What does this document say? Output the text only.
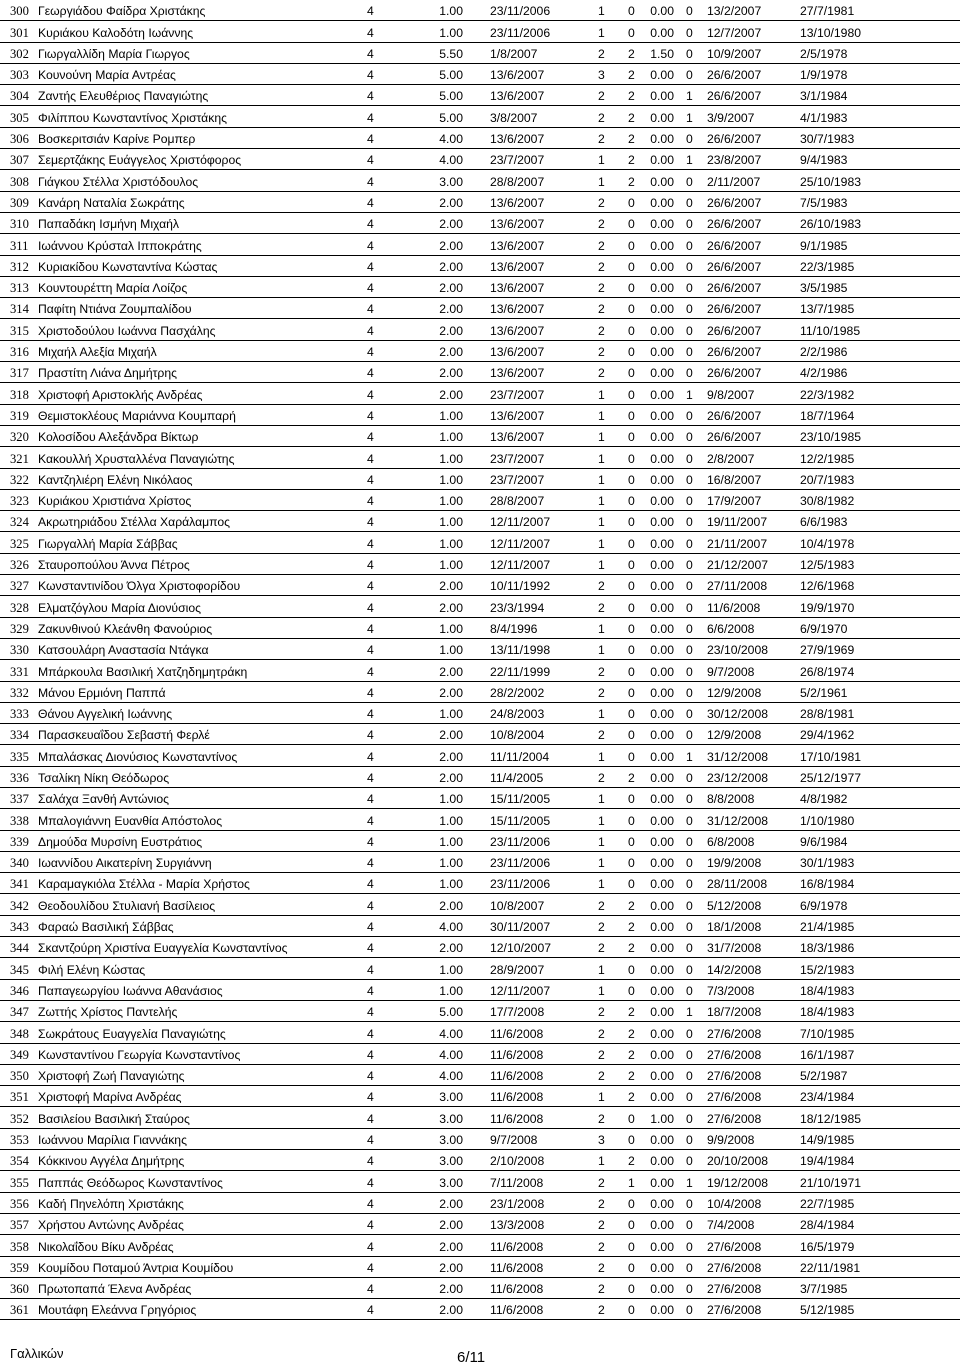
300 Γεωργιάδου Φαίδρα Χριστάκης	4	1.00 23/11/2006	1 0 0.00 0 13/2/2007	27/7/1981
301 Κυριάκου Καλοδότη Ιωάννης	4	1.00 23/11/2006	1 0 0.00 0 12/7/2007	13/10/1980
302 Γιωργαλλίδη Μαρία Γιωργος	4	5.50 1/8/2007	2 2 1.50 0 10/9/2007	2/5/1978
303 Κουνούνη Μαρία Αντρέας	4	5.00 13/6/2007	3 2 0.00 0 26/6/2007	1/9/1978
304 Ζαντής Ελευθέριος Παναγιώτης	4	5.00 13/6/2007	2 2 0.00 1 26/6/2007	3/1/1984
305 Φιλίππου Κωνσταντίνος Χριστάκης	4	5.00 3/8/2007	2 2 0.00 1 3/9/2007	4/1/1983
306 Βοσκεριτσιάν Καρίνε Ρομπερ	4	4.00 13/6/2007	2 2 0.00 0 26/6/2007	30/7/1983
307 Σεμερτζάκης Ευάγγελος Χριστόφορος	4	4.00 23/7/2007	1 2 0.00 1 23/8/2007	9/4/1983
308 Γιάγκου Στέλλα Χριστόδουλος	4	3.00 28/8/2007	1 2 0.00 0 2/11/2007	25/10/1983
309 Κανάρη Ναταλία Σωκράτης	4	2.00 13/6/2007	2 0 0.00 0 26/6/2007	7/5/1983
310 Παπαδάκη Ισμήνη Μιχαήλ	4	2.00 13/6/2007	2 0 0.00 0 26/6/2007	26/10/1983
311 Ιωάννου Κρύσταλ Ιπποκράτης	4	2.00 13/6/2007	2 0 0.00 0 26/6/2007	9/1/1985
312 Κυριακίδου Κωνσταντίνα Κώστας	4	2.00 13/6/2007	2 0 0.00 0 26/6/2007	22/3/1985
313 Κουντουρέττη Μαρία Λοίζος	4	2.00 13/6/2007	2 0 0.00 0 26/6/2007	3/5/1985
314 Παφίτη Ντιάνα Ζουμπαλίδου	4	2.00 13/6/2007	2 0 0.00 0 26/6/2007	13/7/1985
315 Χριστοδούλου Ιωάννα Πασχάλης	4	2.00 13/6/2007	2 0 0.00 0 26/6/2007	11/10/1985
316 Μιχαήλ Αλεξία Μιχαήλ	4	2.00 13/6/2007	2 0 0.00 0 26/6/2007	2/2/1986
317 Πραστίτη Λιάνα Δημήτρης	4	2.00 13/6/2007	2 0 0.00 0 26/6/2007	4/2/1986
318 Χριστοφή Αριστοκλής Ανδρέας	4	2.00 23/7/2007	1 0 0.00 1 9/8/2007	22/3/1982
319 Θεμιστοκλέους Μαριάννα Κουμπαρή	4	1.00 13/6/2007	1 0 0.00 0 26/6/2007	18/7/1964
320 Κολοσίδου Αλεξάνδρα Βίκτωρ	4	1.00 13/6/2007	1 0 0.00 0 26/6/2007	23/10/1985
321 Κακουλλή Χρυσταλλένα Παναγιώτης	4	1.00 23/7/2007	1 0 0.00 0 2/8/2007	12/2/1985
322 Καντζηλιέρη Ελένη Νικόλαος	4	1.00 23/7/2007	1 0 0.00 0 16/8/2007	20/7/1983
323 Κυριάκου Χριστιάνα Χρίστος	4	1.00 28/8/2007	1 0 0.00 0 17/9/2007	30/8/1982
324 Ακρωτηριάδου Στέλλα Χαράλαμπος	4	1.00 12/11/2007	1 0 0.00 0 19/11/2007	6/6/1983
325 Γιωργαλλή Μαρία Σάββας	4	1.00 12/11/2007	1 0 0.00 0 21/11/2007	10/4/1978
326 Σταυροπούλου Άννα Πέτρος	4	1.00 12/11/2007	1 0 0.00 0 21/12/2007	12/5/1983
327 Κωνσταντινίδου Όλγα Χριστοφορίδου	4	2.00 10/11/1992	2 0 0.00 0 27/11/2008	12/6/1968
328 Ελματζόγλου Μαρία Διονύσιος	4	2.00 23/3/1994	2 0 0.00 0 11/6/2008	19/9/1970
329 Ζακυνθινού Κλεάνθη Φανούριος	4	1.00 8/4/1996	1 0 0.00 0 6/6/2008	6/9/1970
330 Κατσουλάρη Αναστασία Ντάγκα	4	1.00 13/11/1998	1 0 0.00 0 23/10/2008	27/9/1969
331 Μπάρκουλα Βασιλική Χατζηδημητράκη	4	2.00 22/11/1999	2 0 0.00 0 9/7/2008	26/8/1974
332 Μάνου Ερμιόνη Παππά	4	2.00 28/2/2002	2 0 0.00 0 12/9/2008	5/2/1961
333 Θάνου Αγγελική Ιωάννης	4	1.00 24/8/2003	1 0 0.00 0 30/12/2008	28/8/1981
334 Παρασκευαΐδου Σεβαστή Φερλέ	4	2.00 10/8/2004	2 0 0.00 0 12/9/2008	29/4/1962
335 Μπαλάσκας Διονύσιος Κωνσταντίνος	4	2.00 11/11/2004	1 0 0.00 1 31/12/2008	17/10/1981
336 Τσαλίκη Νίκη Θεόδωρος	4	2.00 11/4/2005	2 2 0.00 0 23/12/2008	25/12/1977
337 Σαλάχα Ξανθή Αντώνιος	4	1.00 15/11/2005	1 0 0.00 0 8/8/2008	4/8/1982
338 Μπαλογιάννη Ευανθία Απόστολος	4	1.00 15/11/2005	1 0 0.00 0 31/12/2008	1/10/1980
339 Δημούδα Μυρσίνη Ευστράτιος	4	1.00 23/11/2006	1 0 0.00 0 6/8/2008	9/6/1984
340 Ιωαννίδου Αικατερίνη Συργιάννη	4	1.00 23/11/2006	1 0 0.00 0 19/9/2008	30/1/1983
341 Καραμαγκιόλα Στέλλα - Μαρία Χρήστος	4	1.00 23/11/2006	1 0 0.00 0 28/11/2008	16/8/1984
342 Θεοδουλίδου Στυλιανή Βασίλειος	4	2.00 10/8/2007	2 2 0.00 0 5/12/2008	6/9/1978
343 Φαραώ Βασιλική Σάββας	4	4.00 30/11/2007	2 2 0.00 0 18/1/2008	21/4/1985
344 Σκαντζούρη Χριστίνα Ευαγγελία Κωνσταντίνος	4	2.00 12/10/2007	2 2 0.00 0 31/7/2008	18/3/1986
345 Φιλή Ελένη Κώστας	4	1.00 28/9/2007	1 0 0.00 0 14/2/2008	15/2/1983
346 Παπαγεωργίου Ιωάννα Αθανάσιος	4	1.00 12/11/2007	1 0 0.00 0 7/3/2008	18/4/1983
347 Ζωττής Χρίστος Παντελής	4	5.00 17/7/2008	2 2 0.00 1 18/7/2008	18/4/1983
348 Σωκράτους Ευαγγελία Παναγιώτης	4	4.00 11/6/2008	2 2 0.00 0 27/6/2008	7/10/1985
349 Κωνσταντίνου Γεωργία Κωνσταντίνος	4	4.00 11/6/2008	2 2 0.00 0 27/6/2008	16/1/1987
350 Χριστοφή Ζωή Παναγιώτης	4	4.00 11/6/2008	2 2 0.00 0 27/6/2008	5/2/1987
351 Χριστοφή Μαρίνα Ανδρέας	4	3.00 11/6/2008	1 2 0.00 0 27/6/2008	23/4/1984
352 Βασιλείου Βασιλική Σταύρος	4	3.00 11/6/2008	2 0 1.00 0 27/6/2008	18/12/1985
353 Ιωάννου Μαρίλια Γιαννάκης	4	3.00 9/7/2008	3 0 0.00 0 9/9/2008	14/9/1985
354 Κόκκινου Αγγέλα Δημήτρης	4	3.00 2/10/2008	1 2 0.00 0 20/10/2008	19/4/1984
355 Παππάς Θεόδωρος Κωνσταντίνος	4	3.00 7/11/2008	2 1 0.00 1 19/12/2008	21/10/1971
356 Καδή Πηνελόπη Χριστάκης	4	2.00 23/1/2008	2 0 0.00 0 10/4/2008	22/7/1985
357 Χρήστου Αντώνης Ανδρέας	4	2.00 13/3/2008	2 0 0.00 0 7/4/2008	28/4/1984
358 Νικολαΐδου Βίκυ Ανδρέας	4	2.00 11/6/2008	2 0 0.00 0 27/6/2008	16/5/1979
359 Κουμίδου Ποταμού Άντρια Κουμίδου	4	2.00 11/6/2008	2 0 0.00 0 27/6/2008	22/11/1981
360 Πρωτοπαπά Έλενα Ανδρέας	4	2.00 11/6/2008	2 0 0.00 0 27/6/2008	3/7/1985
361 Μουτάφη Ελεάννα Γρηγόριος	4	2.00 11/6/2008	2 0 0.00 0 27/6/2008	5/12/1985
Γαλλικών	6/11
